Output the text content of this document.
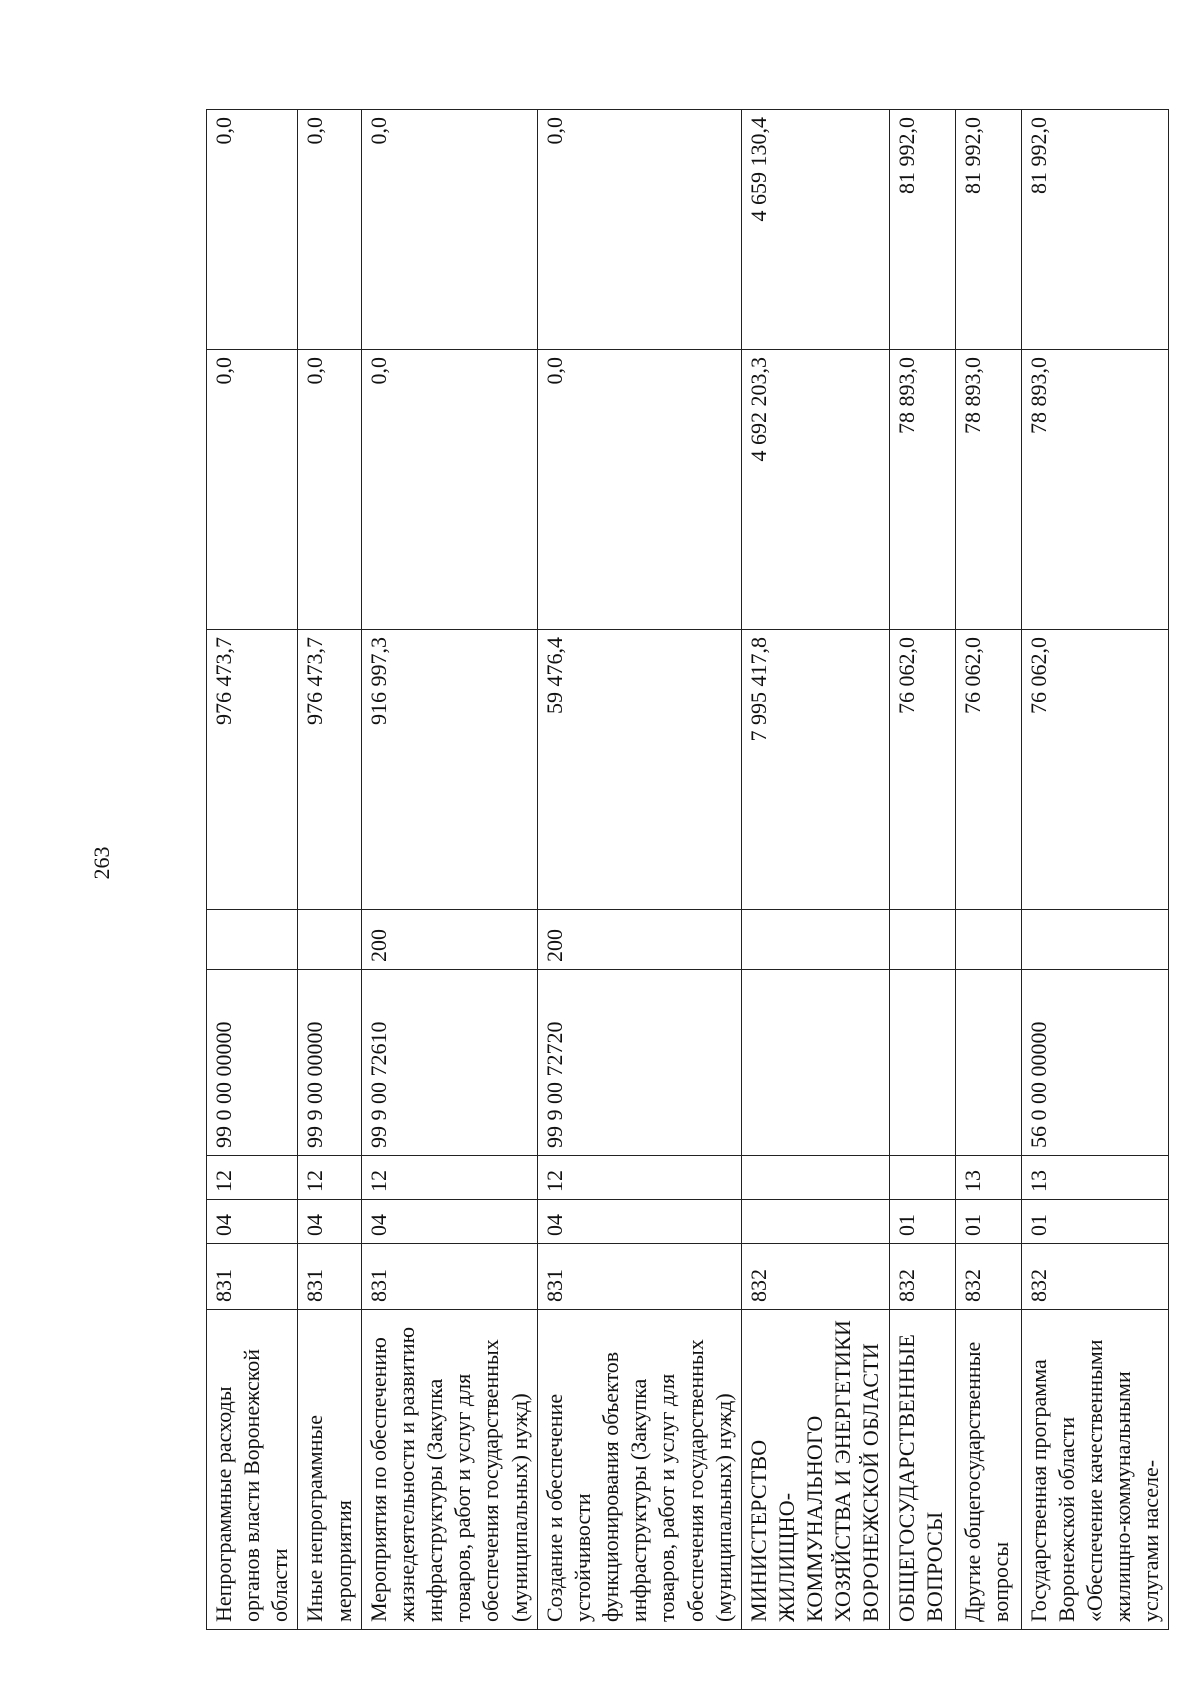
263
Непрограммные расходы органов власти Воронежской области	831	04	12	99 0 00 00000		976 473,7	0,0	0,0
Иные непрограммные мероприятия	831	04	12	99 9 00 00000		976 473,7	0,0	0,0
Мероприятия по обеспечению жизнедеятельности и развитию инфраструктуры (Закупка товаров, работ и услуг для обеспечения государственных (муниципальных) нужд)	831	04	12	99 9 00 72610	200	916 997,3	0,0	0,0
Создание и обеспечение устойчивости функционирования объектов инфраструктуры (Закупка товаров, работ и услуг для обеспечения государственных (муниципальных) нужд)	831	04	12	99 9 00 72720	200	59 476,4	0,0	0,0
МИНИСТЕРСТВО ЖИЛИЩНО-КОММУНАЛЬНОГО ХОЗЯЙСТВА И ЭНЕРГЕТИКИ ВОРОНЕЖСКОЙ ОБЛАСТИ	832					7 995 417,8	4 692 203,3	4 659 130,4
ОБЩЕГОСУДАРСТВЕННЫЕ ВОПРОСЫ	832	01				76 062,0	78 893,0	81 992,0
Другие общегосударственные вопросы	832	01	13			76 062,0	78 893,0	81 992,0
Государственная программа Воронежской области «Обеспечение качественными жилищно-коммунальными услугами населе-	832	01	13	56 0 00 00000		76 062,0	78 893,0	81 992,0
